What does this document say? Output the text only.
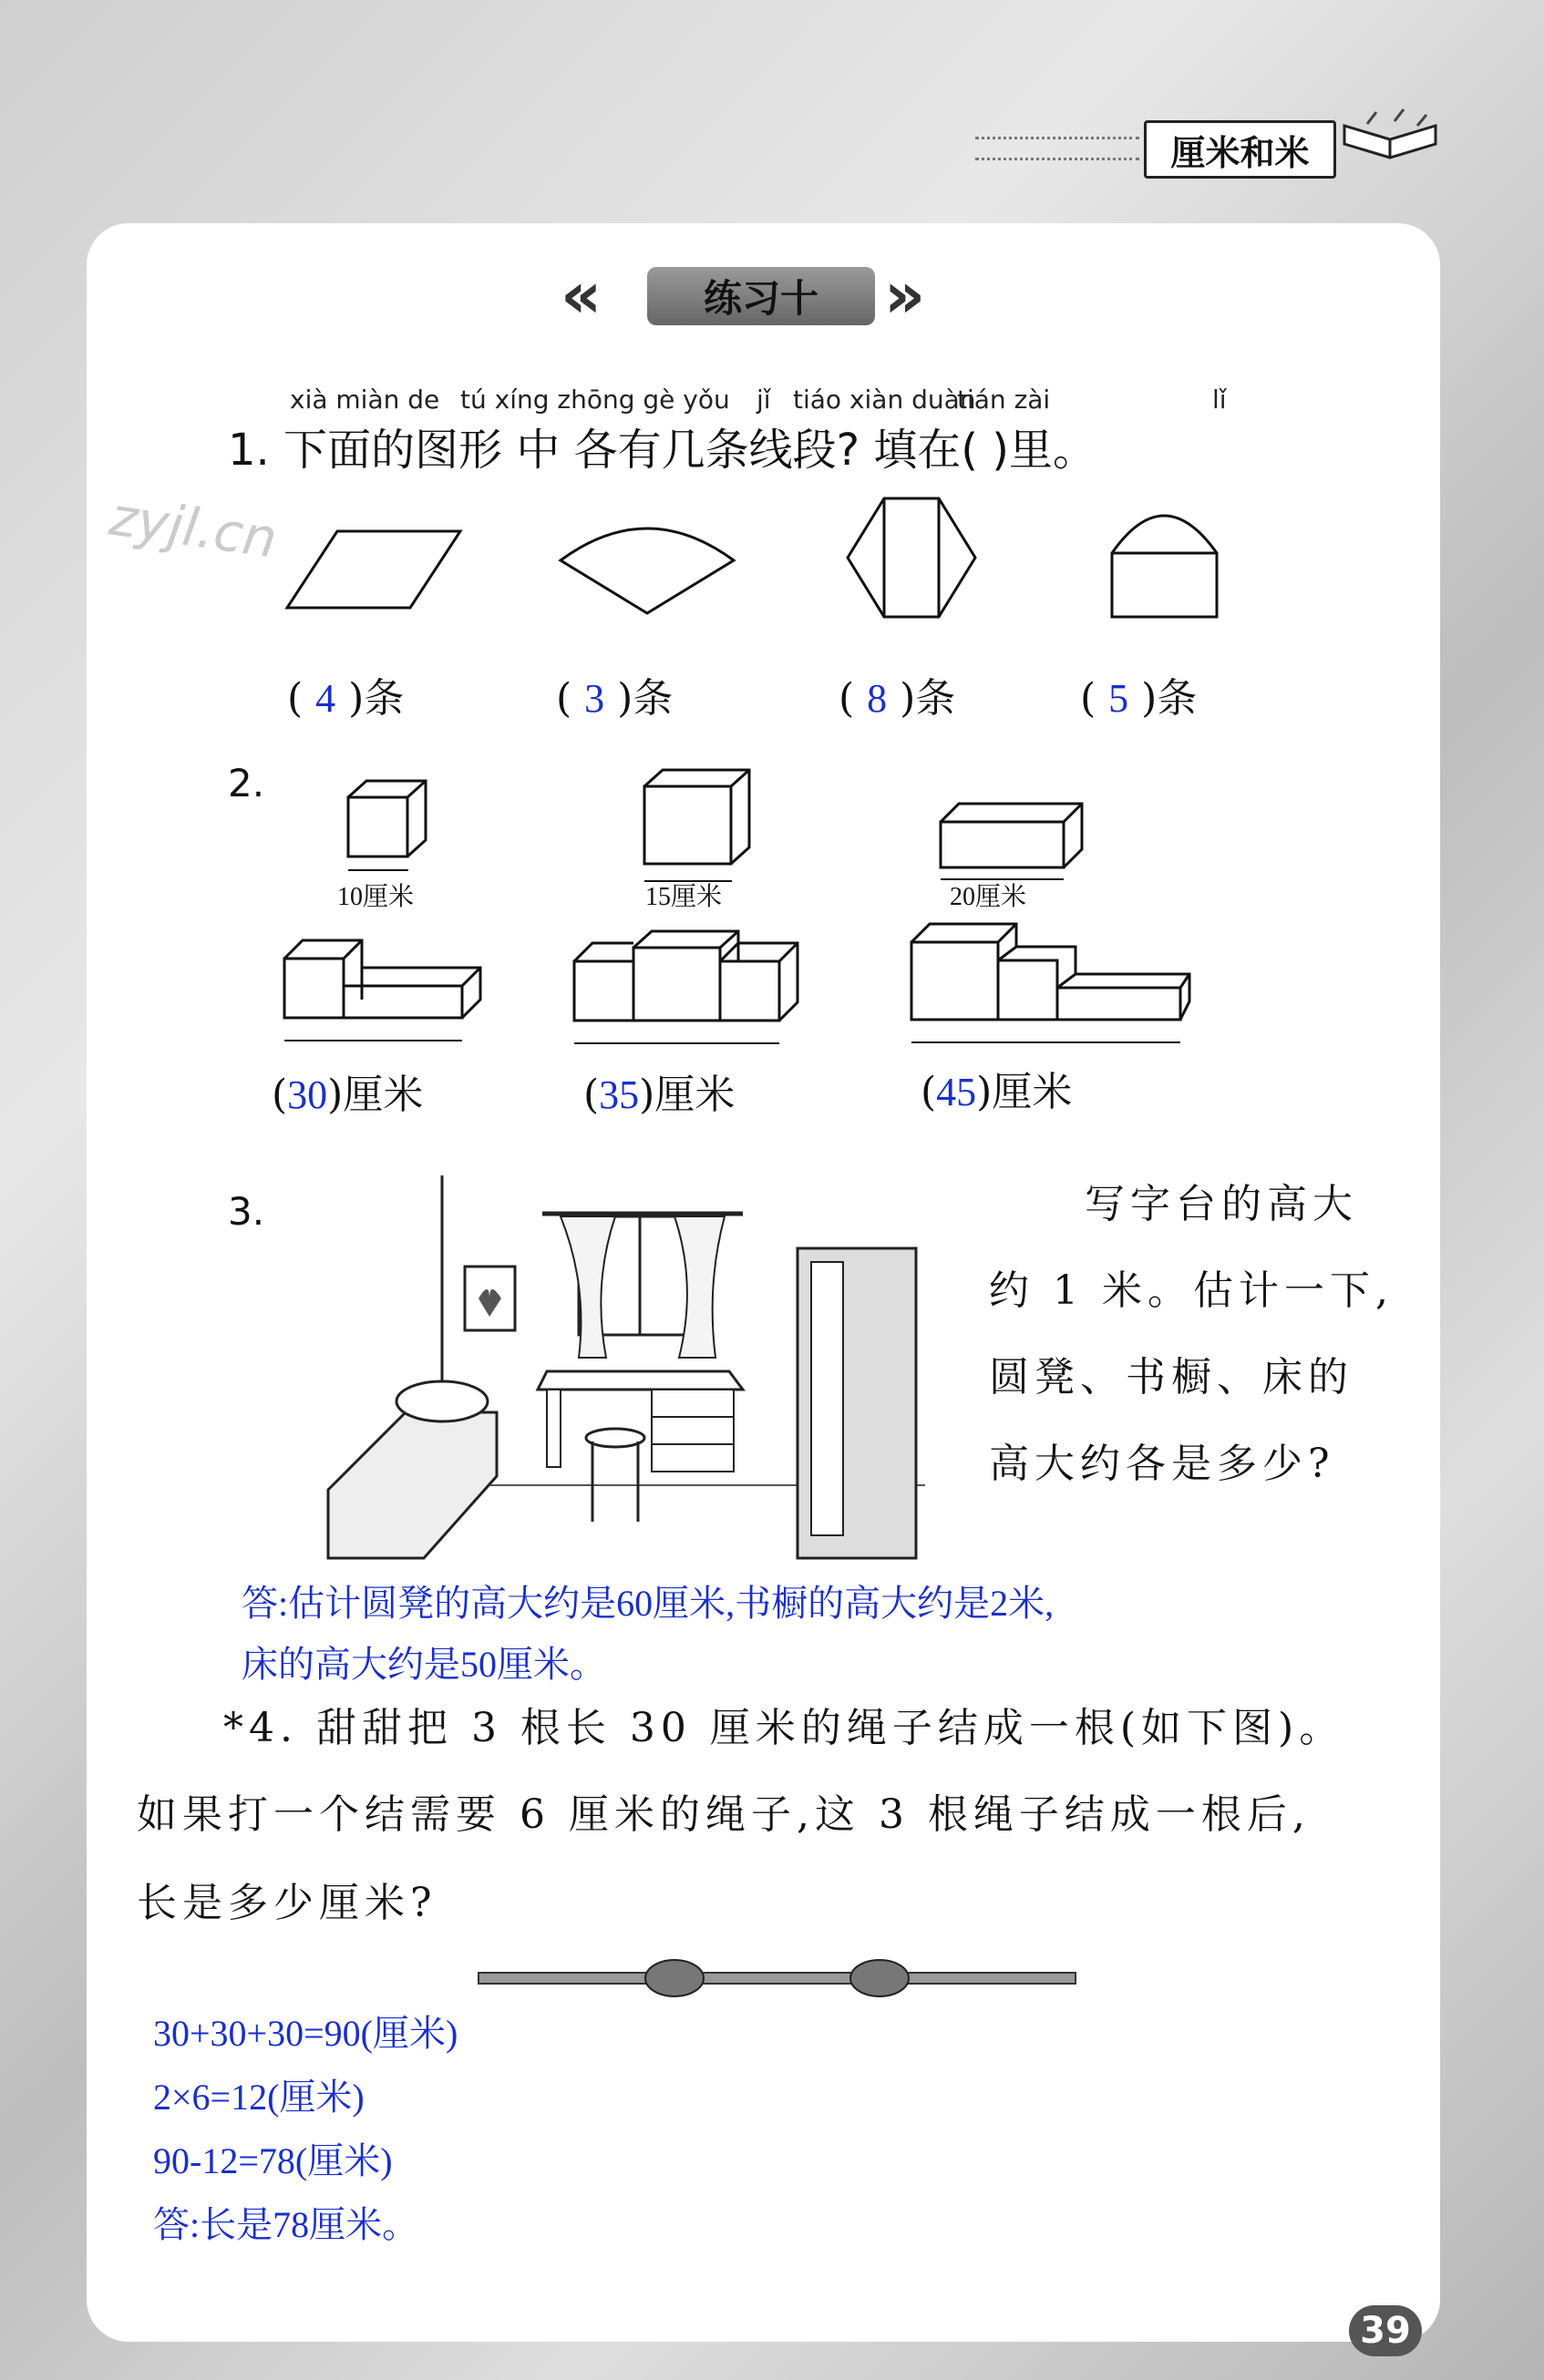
厘米和米
«	练习十	»
zyjl.cn
xià miàn de tú xíng zhōng gè yǒu jǐ tiáo xiàn duàn
tián zài	lǐ
1. 下面的图形 中 各有几条线段? 填在( )里。
( 4 )条	( 3 )条	( 8 )条	( 5 )条
2.
10厘米	15厘米	20厘米
(30)厘米	(35)厘米	(45)厘米
3.	写字台的高大
约 1 米。估计一下,
圆凳、书橱、床的
高大约各是多少?
答:估计圆凳的高大约是60厘米,书橱的高大约是2米,
床的高大约是50厘米。
*4. 甜甜把 3 根长 30 厘米的绳子结成一根(如下图)。
如果打一个结需要 6 厘米的绳子,这 3 根绳子结成一根后,
长是多少厘米?
30+30+30=90(厘米)
2×6=12(厘米)
90-12=78(厘米)
答:长是78厘米。
39
